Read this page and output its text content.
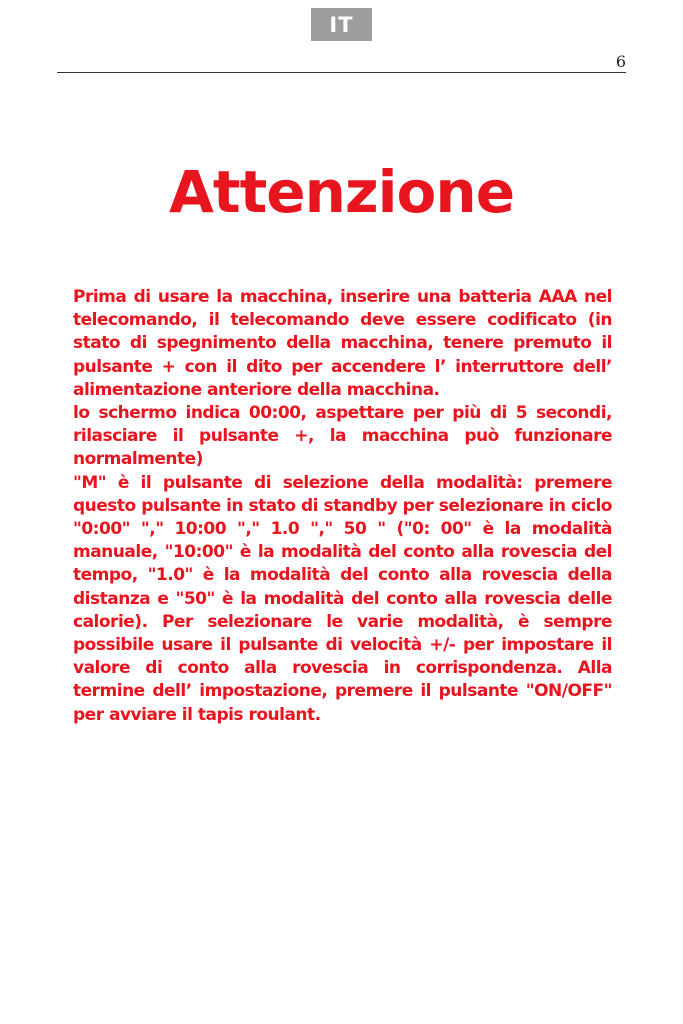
IT
6
Attenzione

Prima di usare la macchina, inserire una batteria AAA nel telecomando, il telecomando deve essere codificato (in stato di spegnimento della macchina, tenere premuto il pulsante + con il dito per accendere l’ interruttore dell’ alimentazione anteriore della macchina.

lo schermo indica 00:00, aspettare per più di 5 secondi, rilasciare il pulsante +, la macchina può funzionare normalmente)

"M" è il pulsante di selezione della modalità: premere questo pulsante in stato di standby per selezionare in ciclo "0:00" "," 10:00 "," 1.0 "," 50 " ("0: 00" è la modalità manuale, "10:00" è la modalità del conto alla rovescia del tempo, "1.0" è la modalità del conto alla rovescia della distanza e "50" è la modalità del conto alla rovescia delle calorie). Per selezionare le varie modalità, è sempre possibile usare il pulsante di velocità +/- per impostare il valore di conto alla rovescia in corrispondenza. Alla termine dell’ impostazione, premere il pulsante "ON/OFF" per avviare il tapis roulant.
